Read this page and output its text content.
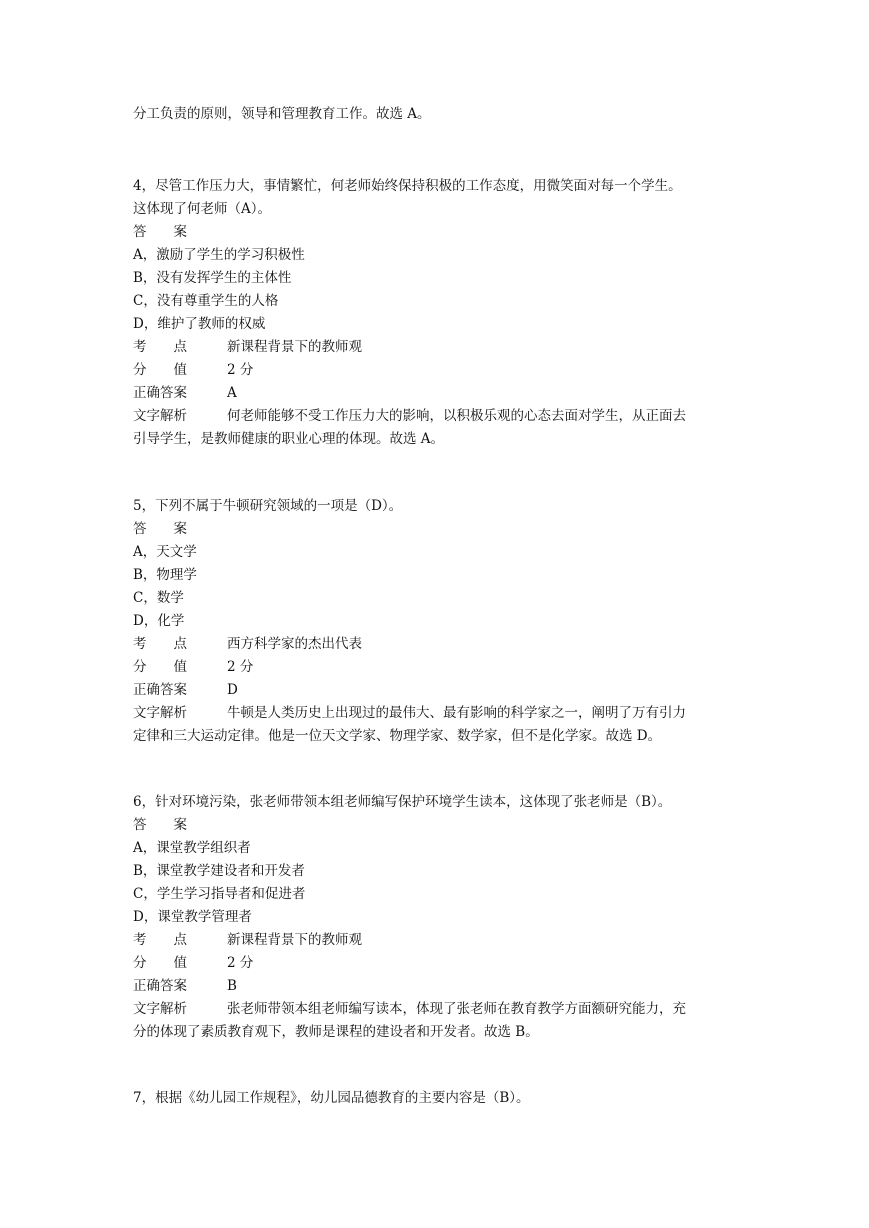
分工负责的原则，领导和管理教育工作。故选 A。
4，尽管工作压力大，事情繁忙，何老师始终保持积极的工作态度，用微笑面对每一个学生。
这体现了何老师（A）。
答　　案
A，激励了学生的学习积极性
B，没有发挥学生的主体性
C，没有尊重学生的人格
D，维护了教师的权威
考　　点	新课程背景下的教师观
分　　值	2 分
正确答案	A
文字解析	何老师能够不受工作压力大的影响，以积极乐观的心态去面对学生，从正面去
引导学生，是教师健康的职业心理的体现。故选 A。
5，下列不属于牛顿研究领域的一项是（D）。
答　　案
A，天文学
B，物理学
C，数学
D，化学
考　　点	西方科学家的杰出代表
分　　值	2 分
正确答案	D
文字解析	牛顿是人类历史上出现过的最伟大、最有影响的科学家之一，阐明了万有引力
定律和三大运动定律。他是一位天文学家、物理学家、数学家，但不是化学家。故选 D。
6，针对环境污染，张老师带领本组老师编写保护环境学生读本，这体现了张老师是（B）。
答　　案
A，课堂教学组织者
B，课堂教学建设者和开发者
C，学生学习指导者和促进者
D，课堂教学管理者
考　　点	新课程背景下的教师观
分　　值	2 分
正确答案	B
文字解析	张老师带领本组老师编写读本，体现了张老师在教育教学方面额研究能力，充
分的体现了素质教育观下，教师是课程的建设者和开发者。故选 B。
7，根据《幼儿园工作规程》，幼儿园品德教育的主要内容是（B）。
